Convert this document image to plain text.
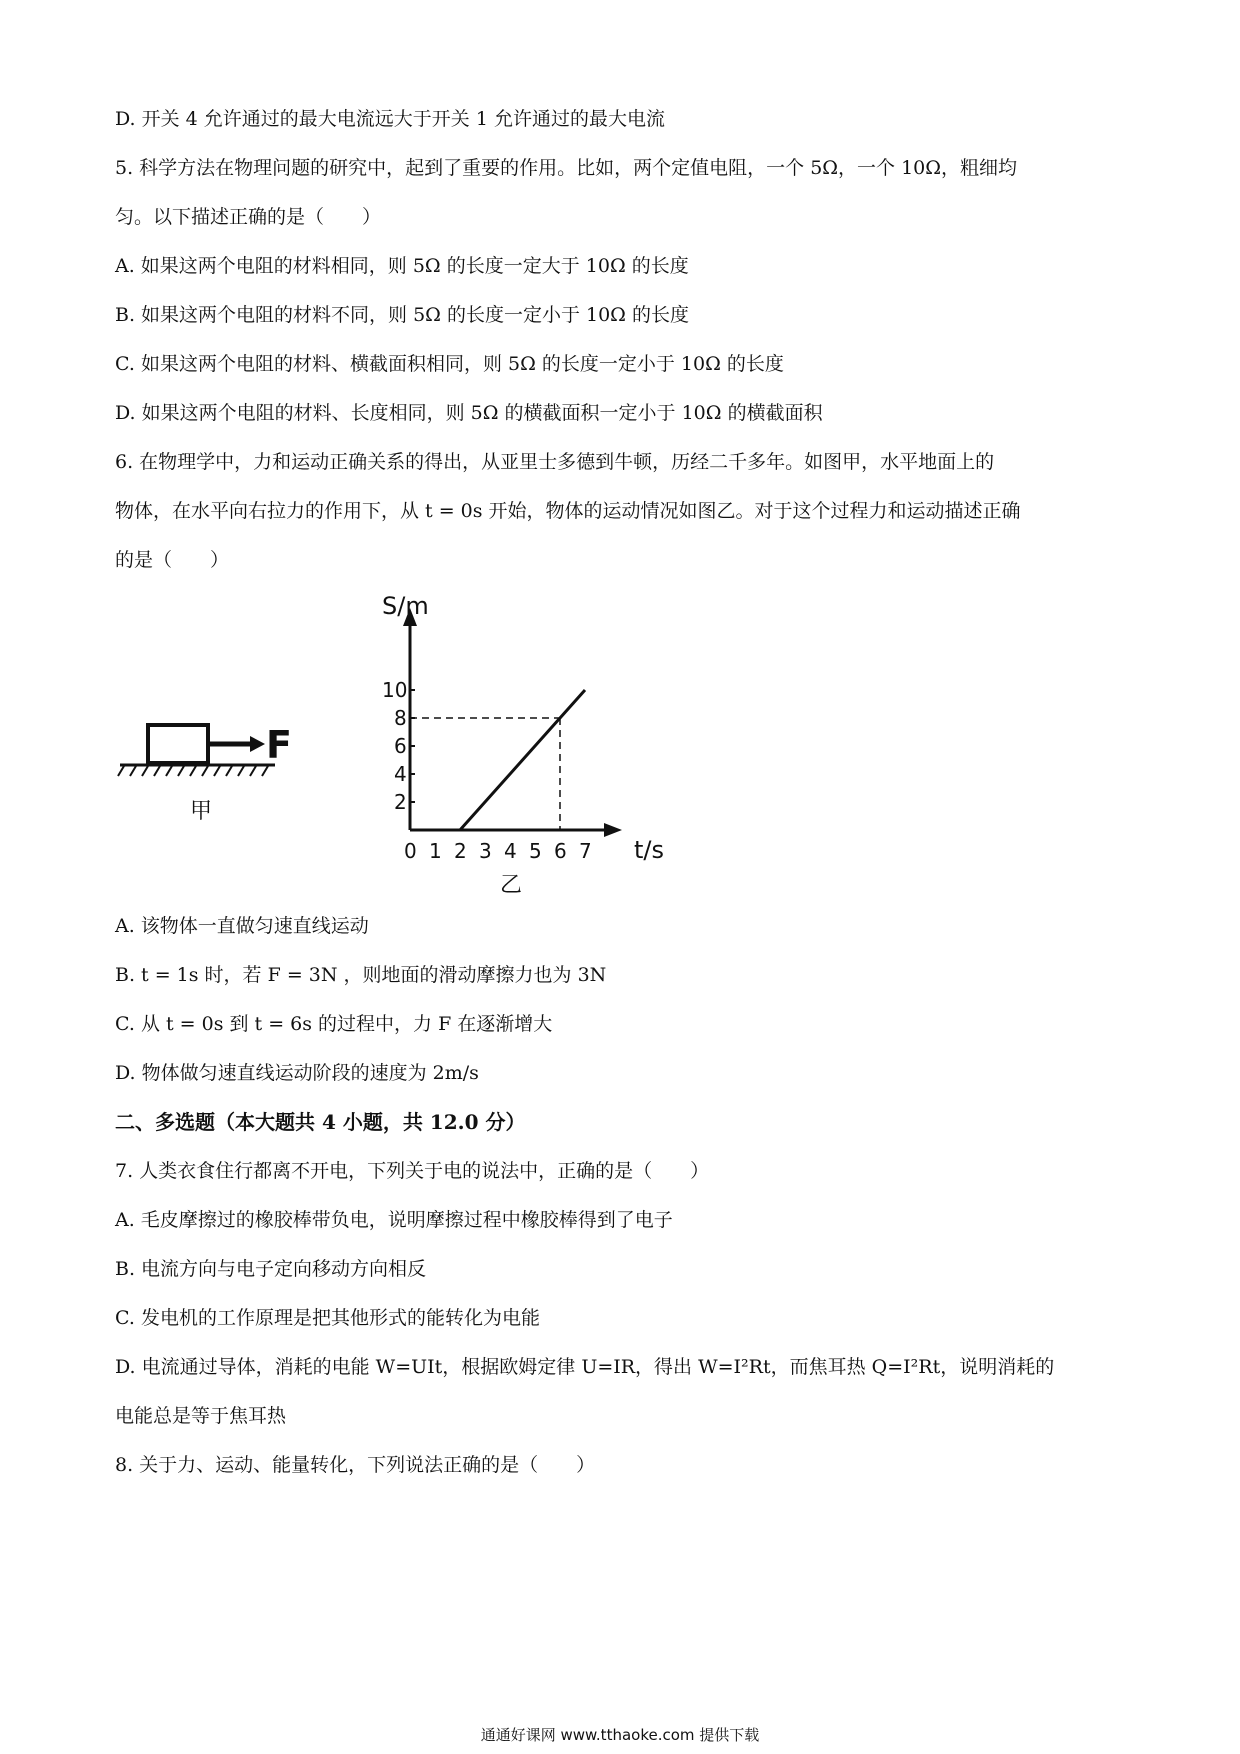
D. 开关 4 允许通过的最大电流远大于开关 1 允许通过的最大电流
5. 科学方法在物理问题的研究中，起到了重要的作用。比如，两个定值电阻，一个 5Ω，一个 10Ω，粗细均
匀。以下描述正确的是（　　）
A. 如果这两个电阻的材料相同，则 5Ω 的长度一定大于 10Ω 的长度
B. 如果这两个电阻的材料不同，则 5Ω 的长度一定小于 10Ω 的长度
C. 如果这两个电阻的材料、横截面积相同，则 5Ω 的长度一定小于 10Ω 的长度
D. 如果这两个电阻的材料、长度相同，则 5Ω 的横截面积一定小于 10Ω 的横截面积
6. 在物理学中，力和运动正确关系的得出，从亚里士多德到牛顿，历经二千多年。如图甲，水平地面上的
物体，在水平向右拉力的作用下，从 t = 0s 开始，物体的运动情况如图乙。对于这个过程力和运动描述正确
的是（　　）
F
甲
S/m
t/s
乙
0 1 2 3 4 5 6 7
2
4
6
8
10
A. 该物体一直做匀速直线运动
B. t = 1s 时，若 F = 3N ，则地面的滑动摩擦力也为 3N
C. 从 t = 0s 到 t = 6s 的过程中，力 F 在逐渐增大
D. 物体做匀速直线运动阶段的速度为 2m/s
二、多选题（本大题共 4 小题，共 12.0 分）
7. 人类衣食住行都离不开电，下列关于电的说法中，正确的是（　　）
A. 毛皮摩擦过的橡胶棒带负电，说明摩擦过程中橡胶棒得到了电子
B. 电流方向与电子定向移动方向相反
C. 发电机的工作原理是把其他形式的能转化为电能
D. 电流通过导体，消耗的电能 W=UIt，根据欧姆定律 U=IR，得出 W=I²Rt，而焦耳热 Q=I²Rt，说明消耗的
电能总是等于焦耳热
8. 关于力、运动、能量转化，下列说法正确的是（　　）
通通好课网 www.tthaoke.com 提供下载
